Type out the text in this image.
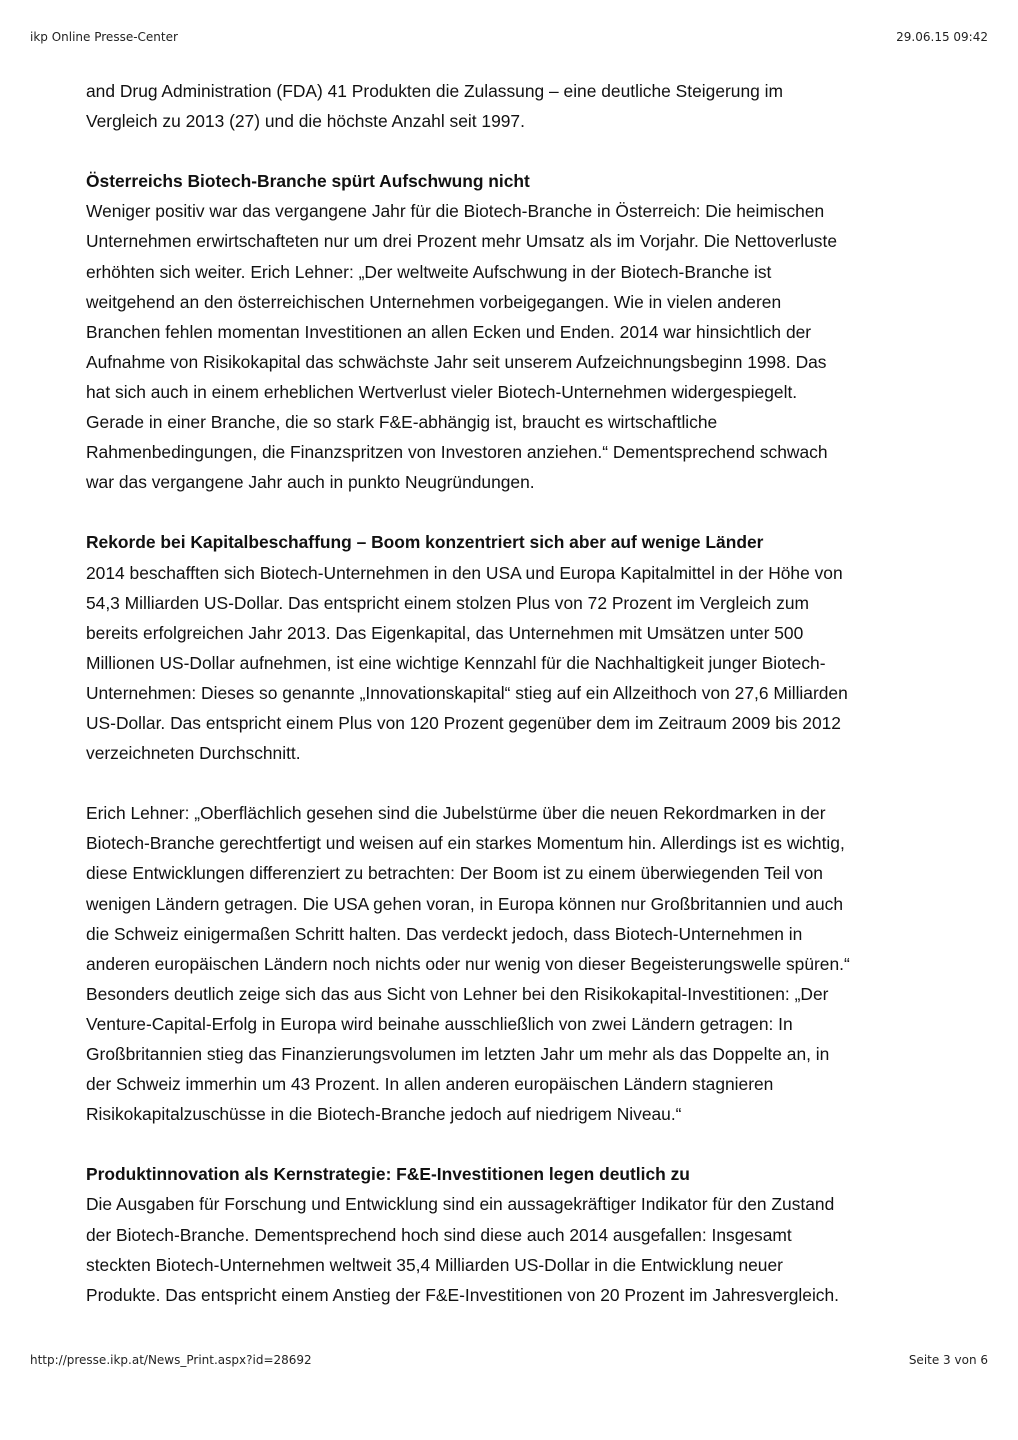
ikp Online Presse-Center	29.06.15 09:42

and Drug Administration (FDA) 41 Produkten die Zulassung – eine deutliche Steigerung im
Vergleich zu 2013 (27) und die höchste Anzahl seit 1997.

Österreichs Biotech-Branche spürt Aufschwung nicht

Weniger positiv war das vergangene Jahr für die Biotech-Branche in Österreich: Die heimischen
Unternehmen erwirtschafteten nur um drei Prozent mehr Umsatz als im Vorjahr. Die Nettoverluste
erhöhten sich weiter. Erich Lehner: „Der weltweite Aufschwung in der Biotech-Branche ist
weitgehend an den österreichischen Unternehmen vorbeigegangen. Wie in vielen anderen
Branchen fehlen momentan Investitionen an allen Ecken und Enden. 2014 war hinsichtlich der
Aufnahme von Risikokapital das schwächste Jahr seit unserem Aufzeichnungsbeginn 1998. Das
hat sich auch in einem erheblichen Wertverlust vieler Biotech-Unternehmen widergespiegelt.
Gerade in einer Branche, die so stark F&E-abhängig ist, braucht es wirtschaftliche
Rahmenbedingungen, die Finanzspritzen von Investoren anziehen.“ Dementsprechend schwach
war das vergangene Jahr auch in punkto Neugründungen.

Rekorde bei Kapitalbeschaffung – Boom konzentriert sich aber auf wenige Länder

2014 beschafften sich Biotech-Unternehmen in den USA und Europa Kapitalmittel in der Höhe von
54,3 Milliarden US-Dollar. Das entspricht einem stolzen Plus von 72 Prozent im Vergleich zum
bereits erfolgreichen Jahr 2013. Das Eigenkapital, das Unternehmen mit Umsätzen unter 500
Millionen US-Dollar aufnehmen, ist eine wichtige Kennzahl für die Nachhaltigkeit junger Biotech-
Unternehmen: Dieses so genannte „Innovationskapital“ stieg auf ein Allzeithoch von 27,6 Milliarden
US-Dollar. Das entspricht einem Plus von 120 Prozent gegenüber dem im Zeitraum 2009 bis 2012
verzeichneten Durchschnitt.

Erich Lehner: „Oberflächlich gesehen sind die Jubelstürme über die neuen Rekordmarken in der
Biotech-Branche gerechtfertigt und weisen auf ein starkes Momentum hin. Allerdings ist es wichtig,
diese Entwicklungen differenziert zu betrachten: Der Boom ist zu einem überwiegenden Teil von
wenigen Ländern getragen. Die USA gehen voran, in Europa können nur Großbritannien und auch
die Schweiz einigermaßen Schritt halten. Das verdeckt jedoch, dass Biotech-Unternehmen in
anderen europäischen Ländern noch nichts oder nur wenig von dieser Begeisterungswelle spüren.“
Besonders deutlich zeige sich das aus Sicht von Lehner bei den Risikokapital-Investitionen: „Der
Venture-Capital-Erfolg in Europa wird beinahe ausschließlich von zwei Ländern getragen: In
Großbritannien stieg das Finanzierungsvolumen im letzten Jahr um mehr als das Doppelte an, in
der Schweiz immerhin um 43 Prozent. In allen anderen europäischen Ländern stagnieren
Risikokapitalzuschüsse in die Biotech-Branche jedoch auf niedrigem Niveau.“

Produktinnovation als Kernstrategie: F&E-Investitionen legen deutlich zu

Die Ausgaben für Forschung und Entwicklung sind ein aussagekräftiger Indikator für den Zustand
der Biotech-Branche. Dementsprechend hoch sind diese auch 2014 ausgefallen: Insgesamt
steckten Biotech-Unternehmen weltweit 35,4 Milliarden US-Dollar in die Entwicklung neuer
Produkte. Das entspricht einem Anstieg der F&E-Investitionen von 20 Prozent im Jahresvergleich.

http://presse.ikp.at/News_Print.aspx?id=28692	Seite 3 von 6
